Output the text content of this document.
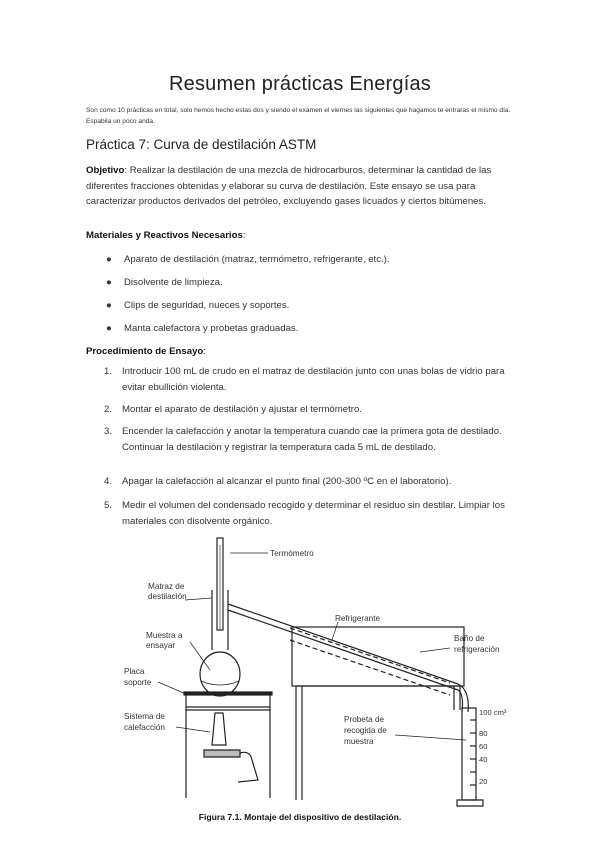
Resumen prácticas Energías
Son como 10 prácticas en total, solo hemos hecho estas dos y siendo el examen el viernes las siguientes que hagamos te entraras el mismo día. Espabila un poco anda.
Práctica 7: Curva de destilación ASTM
Objetivo: Realizar la destilación de una mezcla de hidrocarburos, determinar la cantidad de las diferentes fracciones obtenidas y elaborar su curva de destilación. Este ensayo se usa para caracterizar productos derivados del petróleo, excluyendo gases licuados y ciertos bitúmenes.
Materiales y Reactivos Necesarios:
● Aparato de destilación (matraz, termómetro, refrigerante, etc.).
● Disolvente de limpieza.
● Clips de seguridad, nueces y soportes.
● Manta calefactora y probetas graduadas.
Procedimiento de Ensayo:
1. Introducir 100 mL de crudo en el matraz de destilación junto con unas bolas de vidrio para evitar ebullición violenta.
2. Montar el aparato de destilación y ajustar el termómetro.
3. Encender la calefacción y anotar la temperatura cuando cae la primera gota de destilado. Continuar la destilación y registrar la temperatura cada 5 mL de destilado.
4. Apagar la calefacción al alcanzar el punto final (200-300 ºC en el laboratorio).
5. Medir el volumen del condensado recogido y determinar el residuo sin destilar. Limpiar los materiales con disolvente orgánico.
Termómetro
Matraz de
destilación
Muestra a
ensayar
Placa
soporte
Sistema de
calefacción
Refrigerante
Baño de
refrigeración
Probeta de
recogida de
muestra
100 cm³
80
60
40
20
Figura 7.1. Montaje del dispositivo de destilación.
